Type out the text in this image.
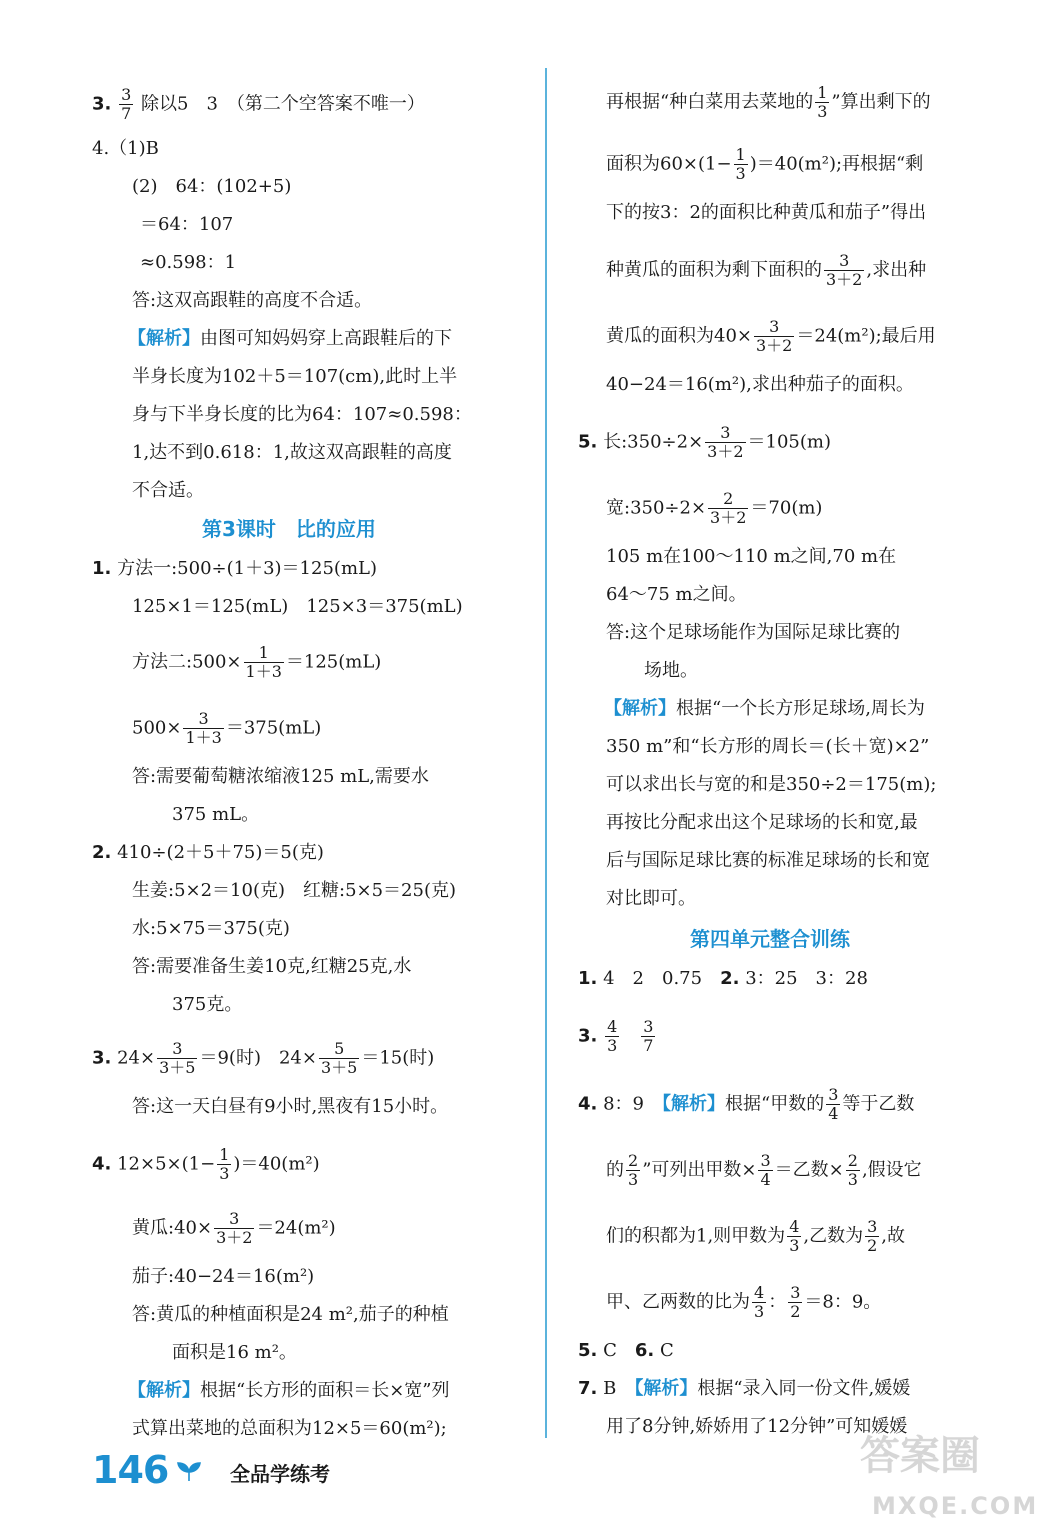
3. $\frac{3}{7}$ 除以5　3　（第二个空答案不唯一）
4.（1)B
(2)　64：(102+5)
＝64：107
≈0.598：1
答:这双高跟鞋的高度不合适。
【解析】由图可知妈妈穿上高跟鞋后的下
半身长度为102＋5＝107(cm),此时上半
身与下半身长度的比为64：107≈0.598：
1,达不到0.618：1,故这双高跟鞋的高度
不合适。
第3课时　比的应用
1. 方法一:500÷(1＋3)＝125(mL)
125×1＝125(mL)　125×3＝375(mL)
方法二:500× $\frac{1}{1+3} =125(mL)$
$500\times \frac{3}{1+3} =375(mL)$
答:需要葡萄糖浓缩液125 mL,需要水
375 mL。
2. 410÷(2＋5＋75)＝5(克)
生姜:5×2＝10(克)　红糖:5×5＝25(克)
水:5×75＝375(克)
答:需要准备生姜10克,红糖25克,水
375克。
3. $24\times \frac{3}{3+5} =9$(时)　$24\times \frac{5}{3+5} =15$(时)
答:这一天白昼有9小时,黑夜有15小时。
4. $12\times 5\times(1- \frac{1}{3} )=40(m^2)$
黄瓜:40× $\frac{3}{3+2} =24(m^2)$
茄子:40−24＝16(m²)
答:黄瓜的种植面积是24 m²,茄子的种植
面积是16 m²。
【解析】根据“长方形的面积＝长×宽”列
式算出菜地的总面积为12×5＝60(m²);
再根据“种白菜用去菜地的 $\frac{1}{3}$ ”算出剩下的
面积为$60\times(1- \frac{1}{3} )=40(m^2)$;再根据“剩
下的按3：2的面积比种黄瓜和茄子”得出
种黄瓜的面积为剩下面积的 $\frac{3}{3+2}$ ,求出种
黄瓜的面积为$40\times \frac{3}{3+2} =24(m^2)$;最后用
40−24＝16(m²),求出种茄子的面积。
5. 长:350÷2× $\frac{3}{3+2} =105(m)$
宽:350÷2× $\frac{2}{3+2} =70(m)$
105 m在100～110 m之间,70 m在
64～75 m之间。
答:这个足球场能作为国际足球比赛的
场地。
【解析】根据“一个长方形足球场,周长为
350 m”和“长方形的周长＝(长＋宽)×2”
可以求出长与宽的和是350÷2＝175(m);
再按比分配求出这个足球场的长和宽,最
后与国际足球比赛的标准足球场的长和宽
对比即可。
第四单元整合训练
1. 4　2　0.75　 2. 3：25　3：28
3. $\frac{4}{3}$
　 $\frac{3}{7}$
4. 8：9　 【解析】根据“甲数的 $\frac{3}{4}$ 等于乙数
的 $\frac{2}{3}$ ”可列出甲数× $\frac{3}{4}$ ＝乙数× $\frac{2}{3}$ ,假设它
们的积都为1,则甲数为 $\frac{4}{3}$ ,乙数为 $\frac{3}{2}$ ,故
甲、乙两数的比为 $\frac{4}{3}$ ： $\frac{3}{2} =8$：9。
5. C　 6. C
7. B　 【解析】根据“录入同一份文件,媛媛
用了8分钟,娇娇用了12分钟”可知媛媛
146	全品学练考	答案圈
MXQE.COM
